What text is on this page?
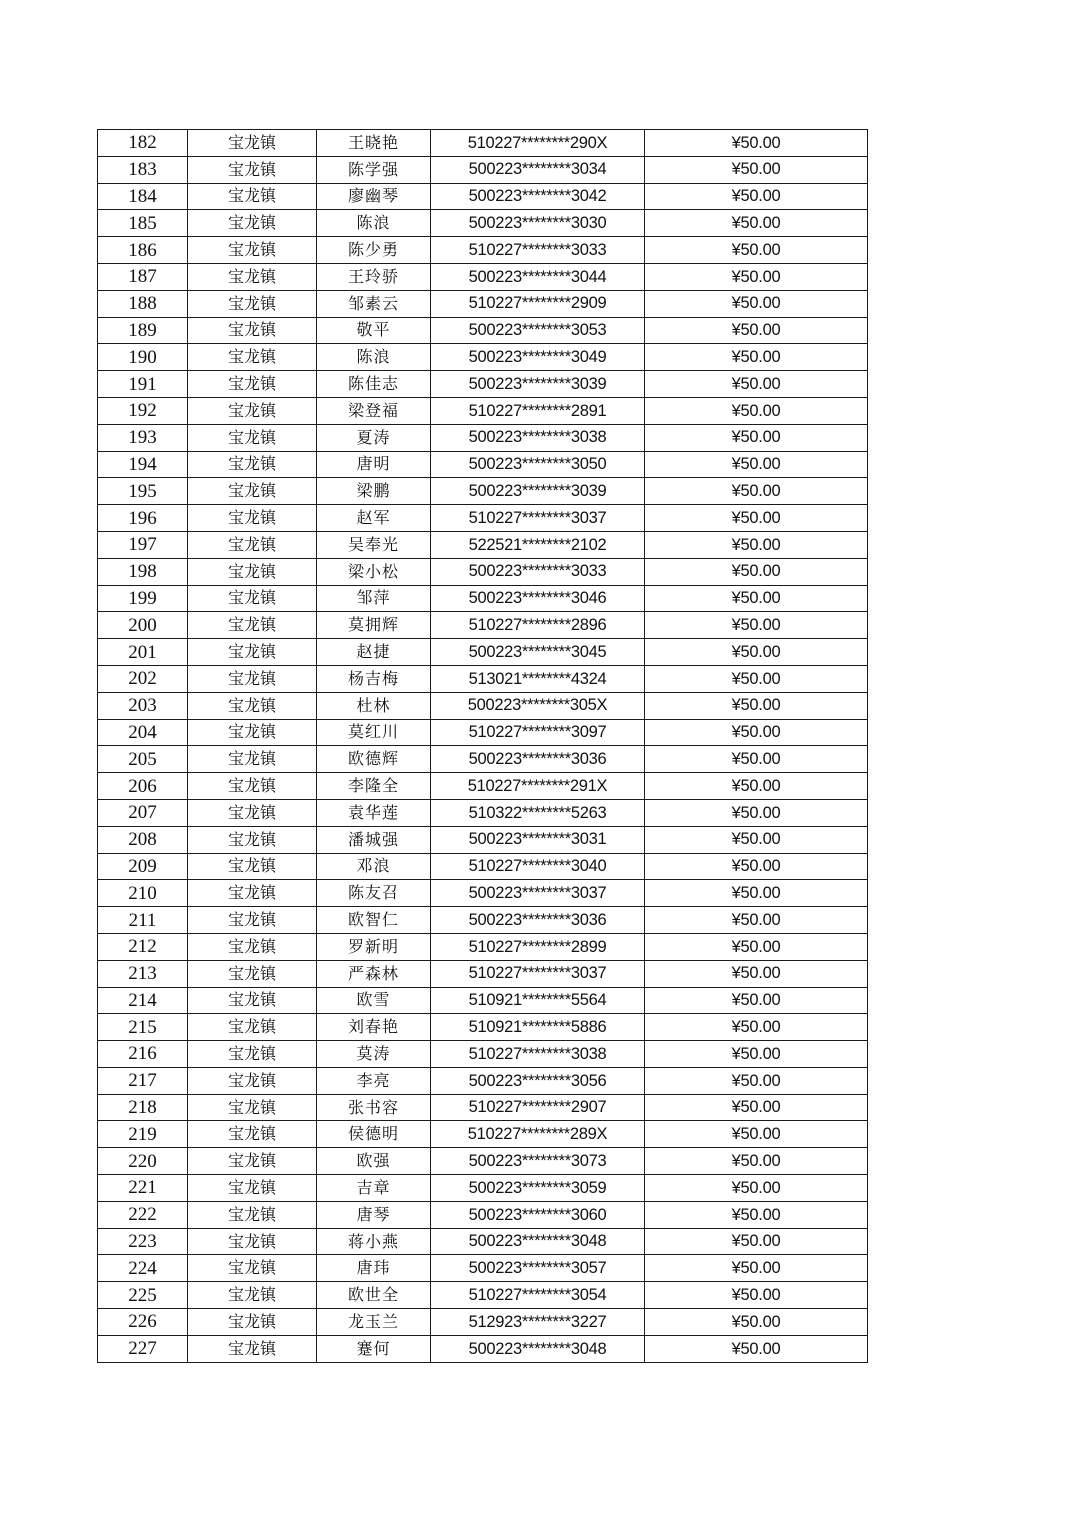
182	宝龙镇	王晓艳	510227********290X	¥50.00
183	宝龙镇	陈学强	500223********3034	¥50.00
184	宝龙镇	廖幽琴	500223********3042	¥50.00
185	宝龙镇	陈浪	500223********3030	¥50.00
186	宝龙镇	陈少勇	510227********3033	¥50.00
187	宝龙镇	王玲骄	500223********3044	¥50.00
188	宝龙镇	邹素云	510227********2909	¥50.00
189	宝龙镇	敬平	500223********3053	¥50.00
190	宝龙镇	陈浪	500223********3049	¥50.00
191	宝龙镇	陈佳志	500223********3039	¥50.00
192	宝龙镇	梁登福	510227********2891	¥50.00
193	宝龙镇	夏涛	500223********3038	¥50.00
194	宝龙镇	唐明	500223********3050	¥50.00
195	宝龙镇	梁鹏	500223********3039	¥50.00
196	宝龙镇	赵军	510227********3037	¥50.00
197	宝龙镇	吴奉光	522521********2102	¥50.00
198	宝龙镇	梁小松	500223********3033	¥50.00
199	宝龙镇	邹萍	500223********3046	¥50.00
200	宝龙镇	莫拥辉	510227********2896	¥50.00
201	宝龙镇	赵捷	500223********3045	¥50.00
202	宝龙镇	杨吉梅	513021********4324	¥50.00
203	宝龙镇	杜林	500223********305X	¥50.00
204	宝龙镇	莫红川	510227********3097	¥50.00
205	宝龙镇	欧德辉	500223********3036	¥50.00
206	宝龙镇	李隆全	510227********291X	¥50.00
207	宝龙镇	袁华莲	510322********5263	¥50.00
208	宝龙镇	潘城强	500223********3031	¥50.00
209	宝龙镇	邓浪	510227********3040	¥50.00
210	宝龙镇	陈友召	500223********3037	¥50.00
211	宝龙镇	欧智仁	500223********3036	¥50.00
212	宝龙镇	罗新明	510227********2899	¥50.00
213	宝龙镇	严森林	510227********3037	¥50.00
214	宝龙镇	欧雪	510921********5564	¥50.00
215	宝龙镇	刘春艳	510921********5886	¥50.00
216	宝龙镇	莫涛	510227********3038	¥50.00
217	宝龙镇	李亮	500223********3056	¥50.00
218	宝龙镇	张书容	510227********2907	¥50.00
219	宝龙镇	侯德明	510227********289X	¥50.00
220	宝龙镇	欧强	500223********3073	¥50.00
221	宝龙镇	吉章	500223********3059	¥50.00
222	宝龙镇	唐琴	500223********3060	¥50.00
223	宝龙镇	蒋小燕	500223********3048	¥50.00
224	宝龙镇	唐玮	500223********3057	¥50.00
225	宝龙镇	欧世全	510227********3054	¥50.00
226	宝龙镇	龙玉兰	512923********3227	¥50.00
227	宝龙镇	蹇何	500223********3048	¥50.00
